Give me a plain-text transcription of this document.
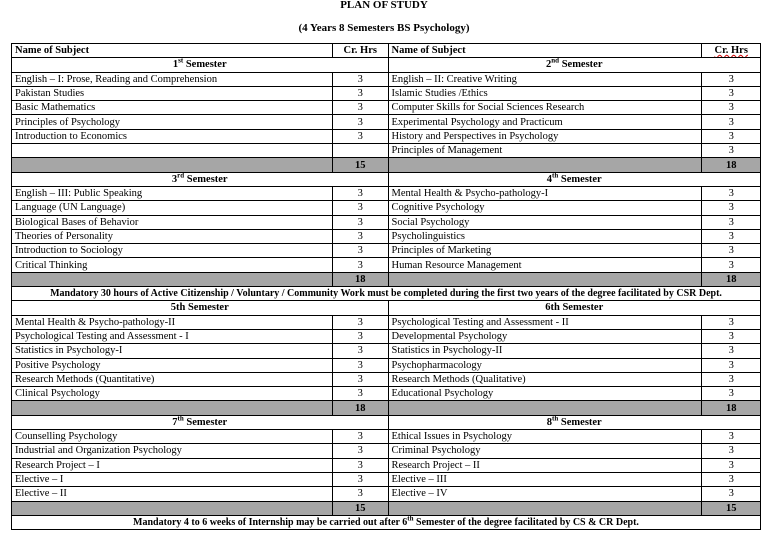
PLAN OF STUDY
(4 Years 8 Semesters BS Psychology)
Name of Subject	Cr. Hrs	Name of Subject	Cr. Hrs
1st Semester		2nd Semester	
English – I: Prose, Reading and Comprehension	3	English – II: Creative Writing	3
Pakistan Studies	3	Islamic Studies /Ethics	3
Basic Mathematics	3	Computer Skills for Social Sciences Research	3
Principles of Psychology	3	Experimental Psychology and Practicum	3
Introduction to Economics	3	History and Perspectives in Psychology	3
		Principles of Management	3
	15		18
3rd Semester		4th Semester	
English – III: Public Speaking	3	Mental Health & Psycho-pathology-I	3
Language (UN Language)	3	Cognitive Psychology	3
Biological Bases of Behavior	3	Social Psychology	3
Theories of Personality	3	Psycholinguistics	3
Introduction to Sociology	3	Principles of Marketing	3
Critical Thinking	3	Human Resource Management	3
	18		18
Mandatory 30 hours of Active Citizenship / Voluntary / Community Work must be completed during the first two years of the degree facilitated by CSR Dept.			
5th Semester		6th Semester	
Mental Health & Psycho-pathology-II	3	Psychological Testing and Assessment - II	3
Psychological Testing and Assessment - I	3	Developmental Psychology	3
Statistics in Psychology-I	3	Statistics in Psychology-II	3
Positive Psychology	3	Psychopharmacology	3
Research Methods (Quantitative)	3	Research Methods (Qualitative)	3
Clinical Psychology	3	Educational Psychology	3
	18		18
7th Semester		8th Semester	
Counselling Psychology	3	Ethical Issues in Psychology	3
Industrial and Organization Psychology	3	Criminal Psychology	3
Research Project – I	3	Research Project – II	3
Elective – I	3	Elective – III	3
Elective – II	3	Elective – IV	3
	15		15
Mandatory 4 to 6 weeks of Internship may be carried out after 6th Semester of the degree facilitated by CS & CR Dept.			
